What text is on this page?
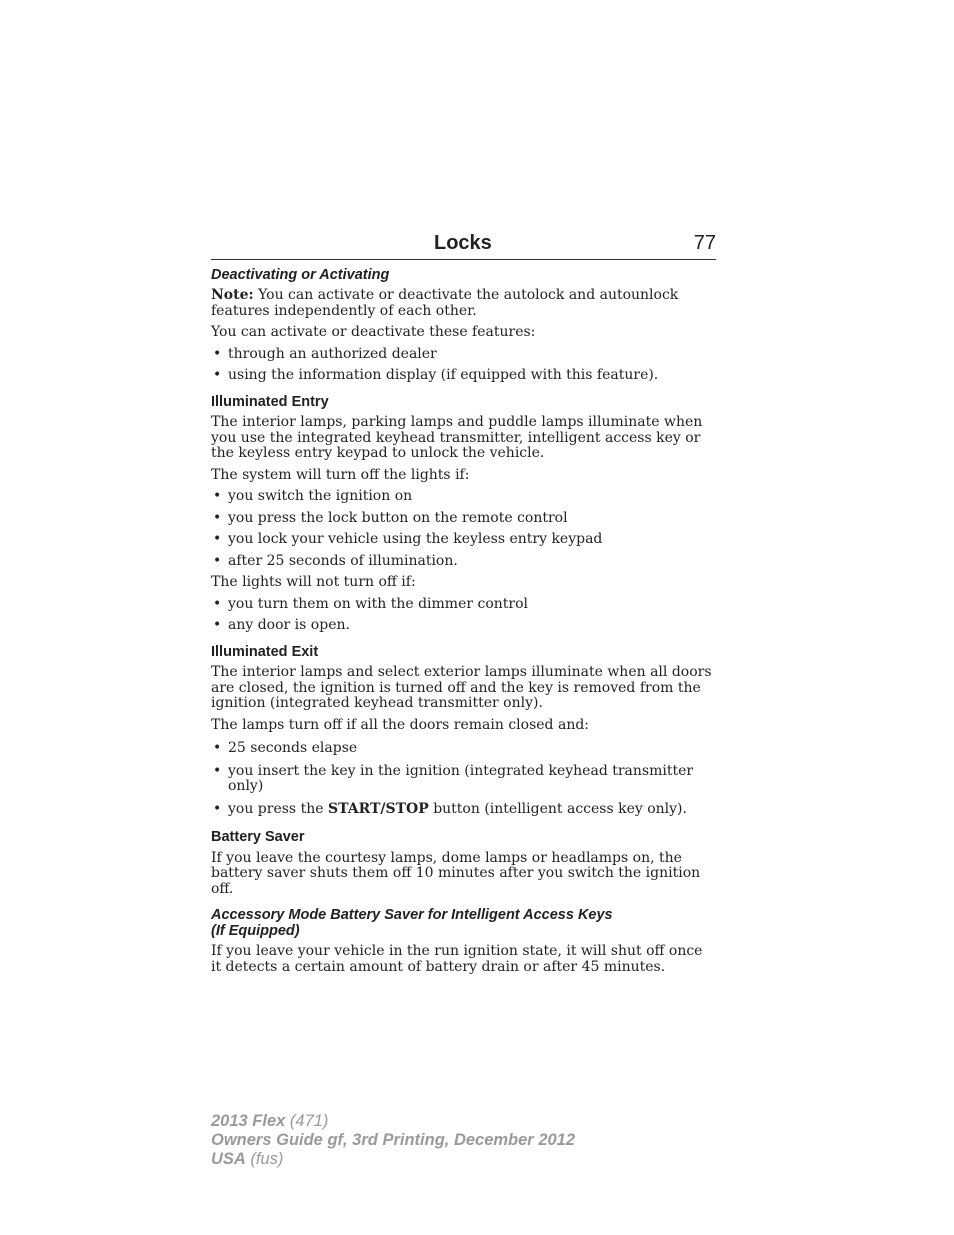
Locks	77
Deactivating or Activating

Note: You can activate or deactivate the autolock and autounlock features independently of each other.

You can activate or deactivate these features:

• through an authorized dealer
• using the information display (if equipped with this feature).
Illuminated Entry

The interior lamps, parking lamps and puddle lamps illuminate when you use the integrated keyhead transmitter, intelligent access key or the keyless entry keypad to unlock the vehicle.

The system will turn off the lights if:

• you switch the ignition on
• you press the lock button on the remote control
• you lock your vehicle using the keyless entry keypad
• after 25 seconds of illumination.

The lights will not turn off if:

• you turn them on with the dimmer control
• any door is open.
Illuminated Exit

The interior lamps and select exterior lamps illuminate when all doors are closed, the ignition is turned off and the key is removed from the ignition (integrated keyhead transmitter only).

The lamps turn off if all the doors remain closed and:

• 25 seconds elapse
• you insert the key in the ignition (integrated keyhead transmitter only)
• you press the START/STOP button (intelligent access key only).
Battery Saver

If you leave the courtesy lamps, dome lamps or headlamps on, the battery saver shuts them off 10 minutes after you switch the ignition off.

Accessory Mode Battery Saver for Intelligent Access Keys
(If Equipped)

If you leave your vehicle in the run ignition state, it will shut off once it detects a certain amount of battery drain or after 45 minutes.

2013 Flex (471)
Owners Guide gf, 3rd Printing, December 2012
USA (fus)
